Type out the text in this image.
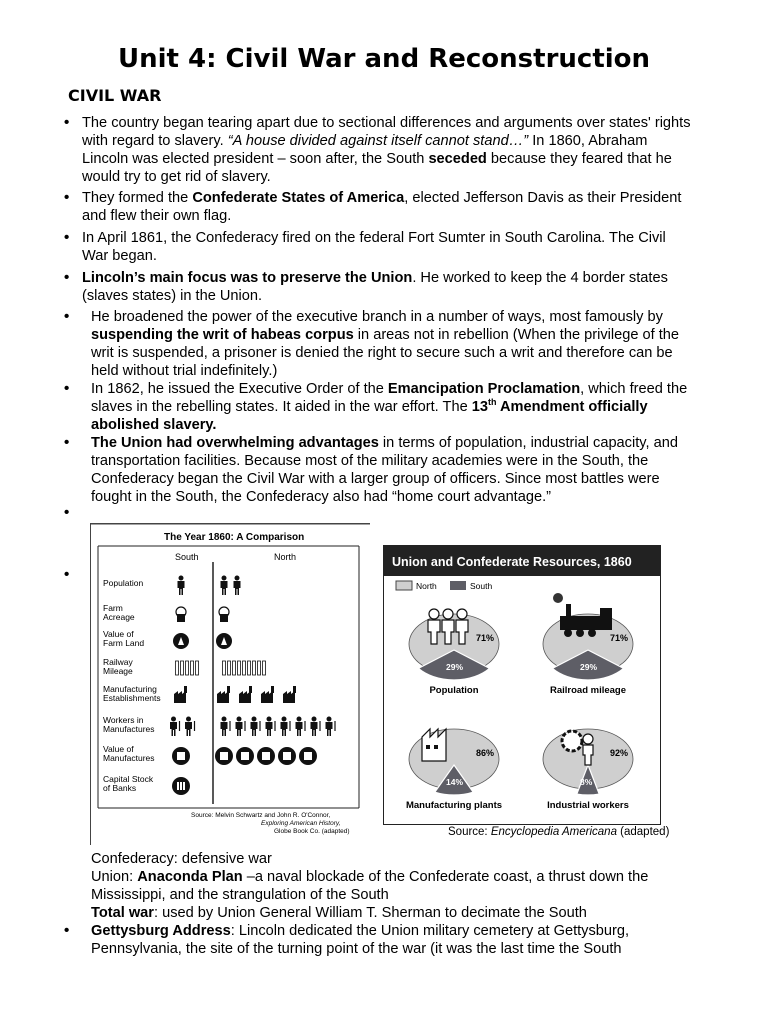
Unit 4: Civil War and Reconstruction
CIVIL WAR
• The country began tearing apart due to sectional differences and arguments over states' rights with regard to slavery. “A house divided against itself cannot stand…” In 1860, Abraham Lincoln was elected president – soon after, the South seceded because they feared that he would try to get rid of slavery.
• They formed the Confederate States of America, elected Jefferson Davis as their President and flew their own flag.
• In April 1861, the Confederacy fired on the federal Fort Sumter in South Carolina. The Civil War began.
• Lincoln’s main focus was to preserve the Union. He worked to keep the 4 border states (slaves states) in the Union.
• He broadened the power of the executive branch in a number of ways, most famously by suspending the writ of habeas corpus in areas not in rebellion (When the privilege of the writ is suspended, a prisoner is denied the right to secure such a writ and therefore can be held without trial indefinitely.)
• In 1862, he issued the Executive Order of the Emancipation Proclamation, which freed the slaves in the rebelling states. It aided in the war effort. The 13th Amendment officially abolished slavery.
• The Union had overwhelming advantages in terms of population, industrial capacity, and transportation facilities. Because most of the military academies were in the South, the Confederacy began the Civil War with a larger group of officers. Since most battles were fought in the South, the Confederacy also had “home court advantage.”
•
•
The Year 1860: A Comparison
South	North
Population
Farm
Acreage
Value of
Farm Land
Railway
Mileage
Manufacturing
Establishments
Workers in
Manufactures
Value of
Manufactures
Capital Stock
of Banks
Source: Melvin Schwartz and John R. O'Connor,
Exploring American History,
Globe Book Co. (adapted)
Union and Confederate Resources, 1860
North	South
71%
29%
Population
71%
29%
Railroad mileage
86%
14%
Manufacturing plants
92%
8%
Industrial workers
Source: Encyclopedia Americana (adapted)
Confederacy: defensive war
Union: Anaconda Plan –a naval blockade of the Confederate coast, a thrust down the Mississippi, and the strangulation of the South
Total war: used by Union General William T. Sherman to decimate the South
• Gettysburg Address: Lincoln dedicated the Union military cemetery at Gettysburg, Pennsylvania, the site of the turning point of the war (it was the last time the South
